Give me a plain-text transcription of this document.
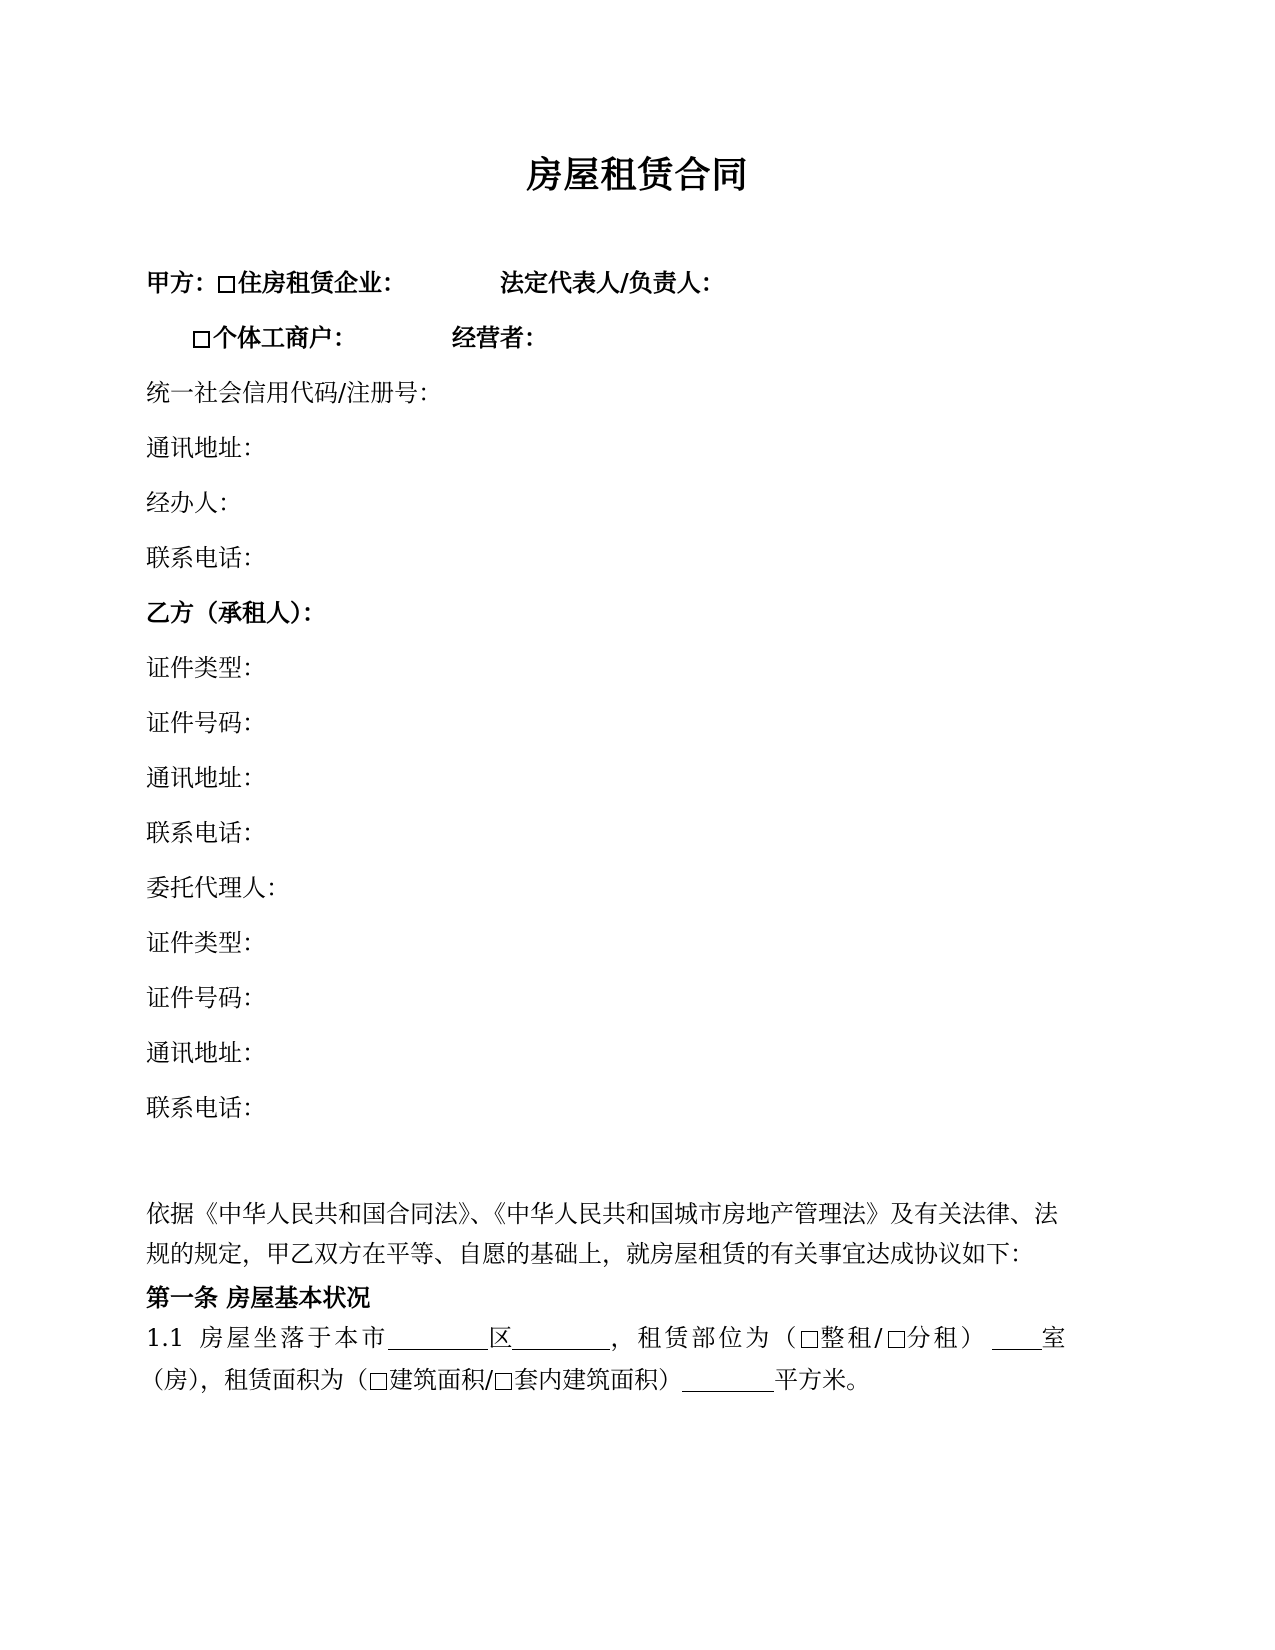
房屋租赁合同
甲方： 住房租赁企业：	法定代表人/负责人：
个体工商户：	经营者：
统一社会信用代码/注册号：
通讯地址：
经办人：
联系电话：
乙方（承租人）：
证件类型：
证件号码：
通讯地址：
联系电话：
委托代理人：
证件类型：
证件号码：
通讯地址：
联系电话：
依据《中华人民共和国合同法》、《中华人民共和国城市房地产管理法》及有关法律、法
规的规定，甲乙双方在平等、自愿的基础上，就房屋租赁的有关事宜达成协议如下：
第一条 房屋基本状况
1.1 房屋坐落于本市	区	，租赁部位为（ 整租/ 分租） 室
（房），租赁面积为（ 建筑面积/ 套内建筑面积）	平方米。
